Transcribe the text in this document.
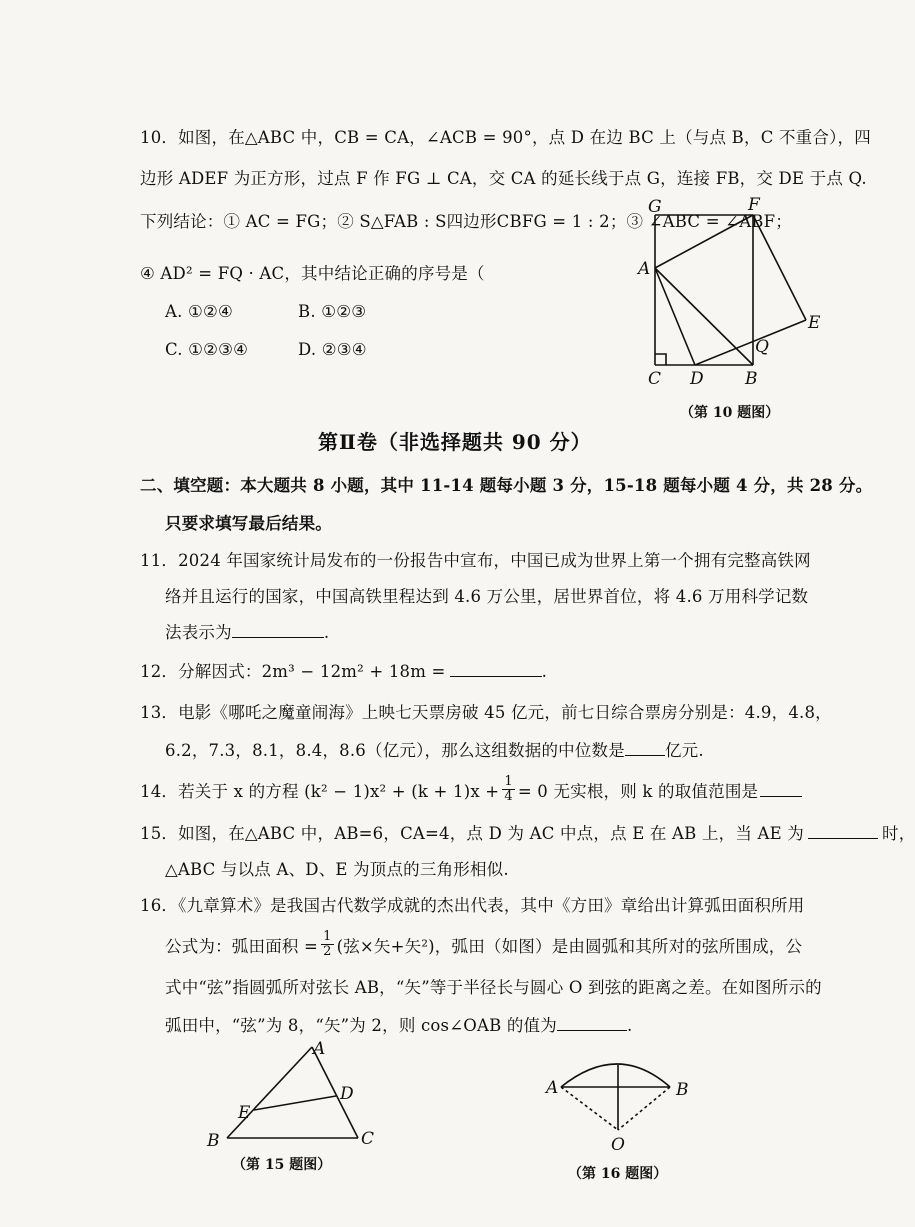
10．如图，在△ABC 中，CB = CA，∠ACB = 90°，点 D 在边 BC 上（与点 B，C 不重合），四
边形 ADEF 为正方形，过点 F 作 FG ⊥ CA，交 CA 的延长线于点 G，连接 FB，交 DE 于点 Q.
下列结论：① AC = FG；② S△FAB : S四边形CBFG = 1 : 2；③ ∠ABC = ∠ABF；
④ AD² = FQ · AC，其中结论正确的序号是（
A. ①②④	B. ①②③
C. ①②③④	D. ②③④
G	F
A
E
Q
C D B
（第 10 题图）
第Ⅱ卷（非选择题共 90 分）
二、填空题：本大题共 8 小题，其中 11-14 题每小题 3 分，15-18 题每小题 4 分，共 28 分。
只要求填写最后结果。
11．2024 年国家统计局发布的一份报告中宣布，中国已成为世界上第一个拥有完整高铁网
络并且运行的国家，中国高铁里程达到 4.6 万公里，居世界首位，将 4.6 万用科学记数
法表示为	.
12．分解因式：2m³ − 12m² + 18m =	.
13．电影《哪吒之魔童闹海》上映七天票房破 45 亿元，前七日综合票房分别是：4.9，4.8，
6.2，7.3，8.1，8.4，8.6（亿元），那么这组数据的中位数是 亿元.
14．若关于 x 的方程 $(k^2 - 1)x^2 + (k + 1)x + \frac{1}{4} = 0$ 无实根，则 k 的取值范围是
15．如图，在△ABC 中，AB=6，CA=4，点 D 为 AC 中点，点 E 在 AB 上，当 AE 为	时，
△ABC 与以点 A、D、E 为顶点的三角形相似.
16．《九章算术》是我国古代数学成就的杰出代表，其中《方田》章给出计算弧田面积所用
公式为：弧田面积 = $\frac{1}{2}$ (弦×矢+矢²)，弧田（如图）是由圆弧和其所对的弦所围成，公
式中“弦”指圆弧所对弦长 AB，“矢”等于半径长与圆心 O 到弦的距离之差。在如图所示的
弧田中，“弦”为 8，“矢”为 2，则 cos∠OAB 的值为	.
A
B	C
D
E
（第 15 题图）
A	B
O
（第 16 题图）
